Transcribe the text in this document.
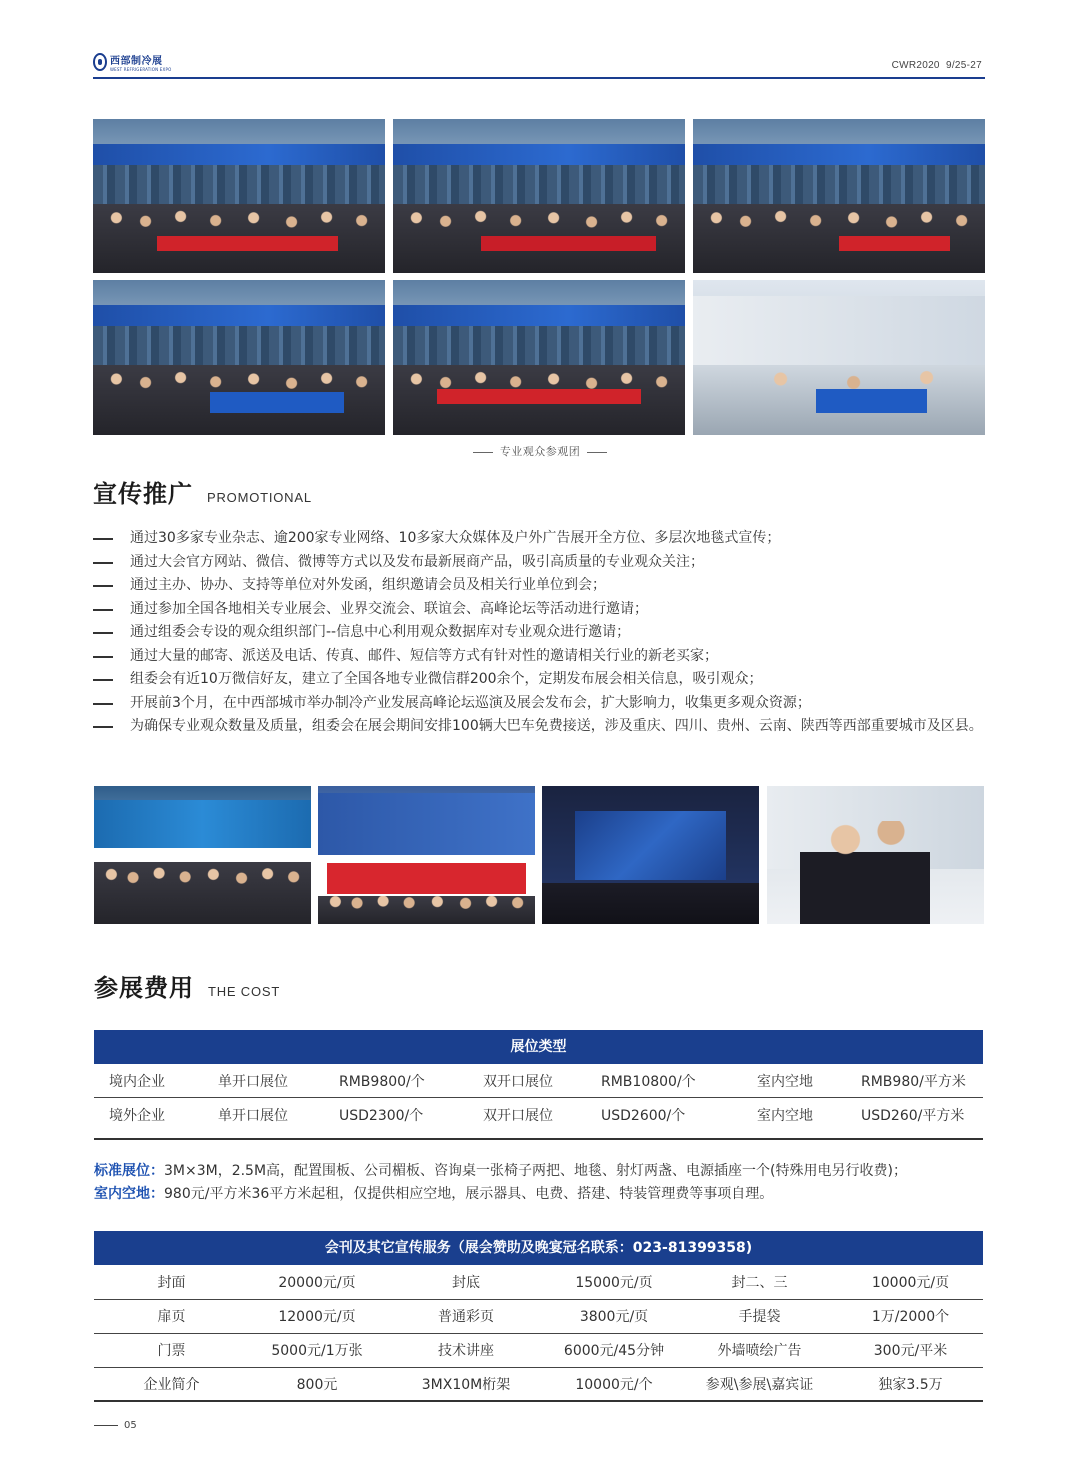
西部制冷展
WEST REFRIGERATION EXPO	CWR2020 9/25-27
专业观众参观团
宣传推广 PROMOTIONAL
通过30多家专业杂志、逾200家专业网络、10多家大众媒体及户外广告展开全方位、多层次地毯式宣传；
通过大会官方网站、微信、微博等方式以及发布最新展商产品，吸引高质量的专业观众关注；
通过主办、协办、支持等单位对外发函，组织邀请会员及相关行业单位到会；
通过参加全国各地相关专业展会、业界交流会、联谊会、高峰论坛等活动进行邀请；
通过组委会专设的观众组织部门--信息中心利用观众数据库对专业观众进行邀请；
通过大量的邮寄、派送及电话、传真、邮件、短信等方式有针对性的邀请相关行业的新老买家；
组委会有近10万微信好友，建立了全国各地专业微信群200余个，定期发布展会相关信息，吸引观众；
开展前3个月，在中西部城市举办制冷产业发展高峰论坛巡演及展会发布会，扩大影响力，收集更多观众资源；
为确保专业观众数量及质量，组委会在展会期间安排100辆大巴车免费接送，涉及重庆、四川、贵州、云南、陕西等西部重要城市及区县。
参展费用 THE COST
展位类型
境内企业	单开口展位	RMB9800/个	双开口展位	RMB10800/个	室内空地	RMB980/平方米
境外企业	单开口展位	USD2300/个	双开口展位	USD2600/个	室内空地	USD260/平方米
标准展位：3M×3M，2.5M高，配置围板、公司楣板、咨询桌一张椅子两把、地毯、射灯两盏、电源插座一个(特殊用电另行收费)；
室内空地：980元/平方米36平方米起租，仅提供相应空地，展示器具、电费、搭建、特装管理费等事项自理。
会刊及其它宣传服务（展会赞助及晚宴冠名联系：023-81399358)
封面	20000元/页	封底	15000元/页	封二、三	10000元/页
扉页	12000元/页	普通彩页	3800元/页	手提袋	1万/2000个
门票	5000元/1万张	技术讲座	6000元/45分钟	外墙喷绘广告	300元/平米
企业简介	800元	3MX10M桁架	10000元/个	参观\参展\嘉宾证	独家3.5万
05
